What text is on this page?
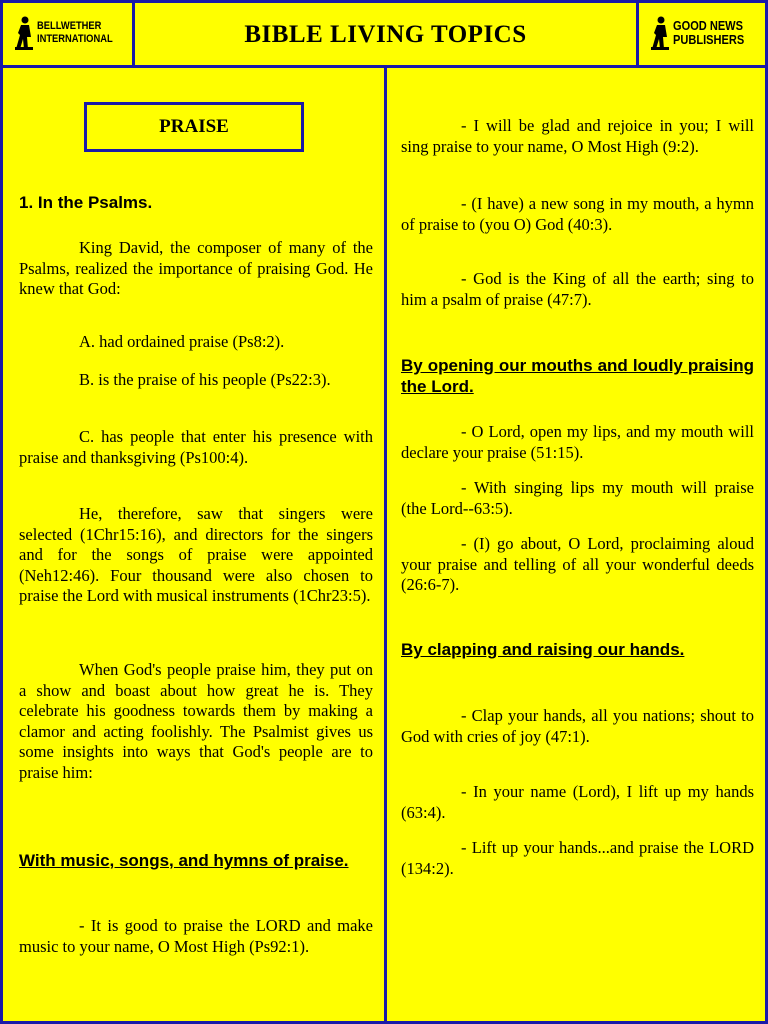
BELLWETHER
INTERNATIONAL	BIBLE LIVING TOPICS	GOOD NEWS
PUBLISHERS
PRAISE
1. In the Psalms.

King David, the composer of many of the Psalms, realized the importance of praising God. He knew that God:

A. had ordained praise (Ps8:2).

B. is the praise of his people (Ps22:3).

C. has people that enter his presence with praise and thanksgiving (Ps100:4).

He, therefore, saw that singers were selected (1Chr15:16), and directors for the singers and for the songs of praise were appointed (Neh12:46). Four thousand were also chosen to praise the Lord with musical instruments (1Chr23:5).

When God's people praise him, they put on a show and boast about how great he is. They celebrate his goodness towards them by making a clamor and acting foolishly. The Psalmist gives us some insights into ways that God's people are to praise him:

With music, songs, and hymns of praise.

- It is good to praise the LORD and make music to your name, O Most High (Ps92:1).

- I will be glad and rejoice in you; I will sing praise to your name, O Most High (9:2).

- (I have) a new song in my mouth, a hymn of praise to (you O) God (40:3).

- God is the King of all the earth; sing to him a psalm of praise (47:7).

By opening our mouths and loudly praising the Lord.

- O Lord, open my lips, and my mouth will declare your praise (51:15).

- With singing lips my mouth will praise (the Lord--63:5).

- (I) go about, O Lord, proclaiming aloud your praise and telling of all your wonderful deeds (26:6-7).

By clapping and raising our hands.

- Clap your hands, all you nations; shout to God with cries of joy (47:1).

- In your name (Lord), I lift up my hands (63:4).

- Lift up your hands...and praise the LORD (134:2).
